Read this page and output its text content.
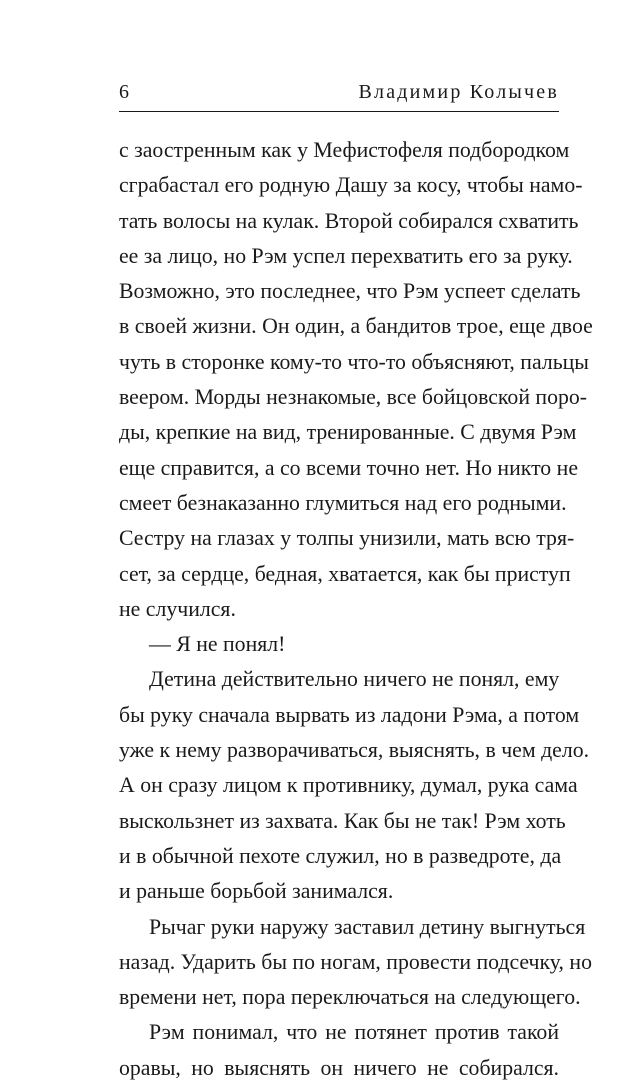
6	Владимир Колычев
с заостренным как у Мефистофеля подбородком
сграбастал его родную Дашу за косу, чтобы намо-
тать волосы на кулак. Второй собирался схватить
ее за лицо, но Рэм успел перехватить его за руку.
Возможно, это последнее, что Рэм успеет сделать
в своей жизни. Он один, а бандитов трое, еще двое
чуть в сторонке кому-то что-то объясняют, пальцы
веером. Морды незнакомые, все бойцовской поро-
ды, крепкие на вид, тренированные. С двумя Рэм
еще справится, а со всеми точно нет. Но никто не
смеет безнаказанно глумиться над его родными.
Сестру на глазах у толпы унизили, мать всю тря-
сет, за сердце, бедная, хватается, как бы приступ
не случился.
— Я не понял!
Детина действительно ничего не понял, ему
бы руку сначала вырвать из ладони Рэма, а потом
уже к нему разворачиваться, выяснять, в чем дело.
А он сразу лицом к противнику, думал, рука сама
выскользнет из захвата. Как бы не так! Рэм хоть
и в обычной пехоте служил, но в разведроте, да
и раньше борьбой занимался.
Рычаг руки наружу заставил детину выгнуться
назад. Ударить бы по ногам, провести подсечку, но
времени нет, пора переключаться на следующего.
Рэм понимал, что не потянет против такой
оравы, но выяснять он ничего не собирался.
